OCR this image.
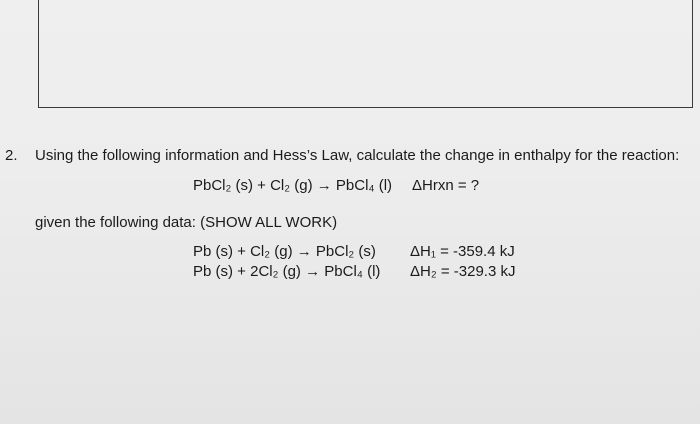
2. Using the following information and Hess’s Law, calculate the change in enthalpy for the reaction:
PbCl₂ (s) + Cl₂ (g) → PbCl₄ (l) ΔHrxn = ?
given the following data: (SHOW ALL WORK)
Pb (s) + Cl₂ (g) → PbCl₂ (s) ΔH₁ = -359.4 kJ
Pb (s) + 2Cl₂ (g) → PbCl₄ (l) ΔH₂ = -329.3 kJ
